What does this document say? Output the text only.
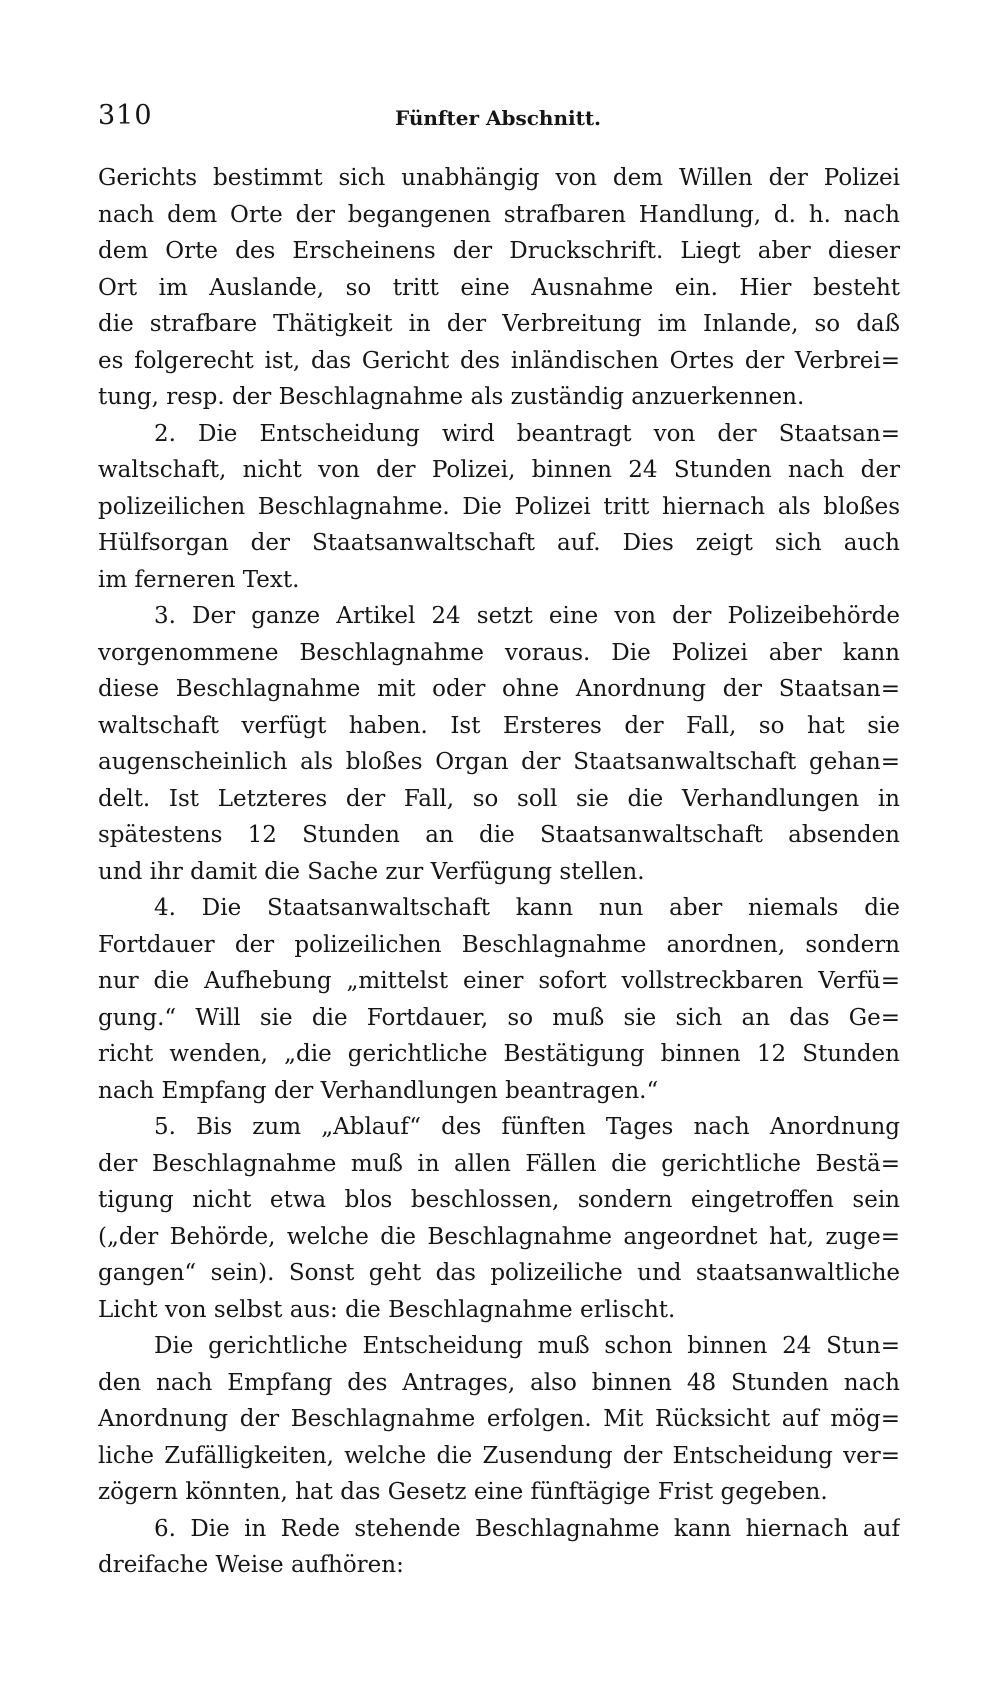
310	Fünfter Abschnitt.
Gerichts bestimmt sich unabhängig von dem Willen der Polizei
nach dem Orte der begangenen strafbaren Handlung, d. h. nach
dem Orte des Erscheinens der Druckschrift. Liegt aber dieser
Ort im Auslande, so tritt eine Ausnahme ein. Hier besteht
die strafbare Thätigkeit in der Verbreitung im Inlande, so daß
es folgerecht ist, das Gericht des inländischen Ortes der Verbrei=
tung, resp. der Beschlagnahme als zuständig anzuerkennen.
2. Die Entscheidung wird beantragt von der Staatsan=
waltschaft, nicht von der Polizei, binnen 24 Stunden nach der
polizeilichen Beschlagnahme. Die Polizei tritt hiernach als bloßes
Hülfsorgan der Staatsanwaltschaft auf. Dies zeigt sich auch
im ferneren Text.
3. Der ganze Artikel 24 setzt eine von der Polizeibehörde
vorgenommene Beschlagnahme voraus. Die Polizei aber kann
diese Beschlagnahme mit oder ohne Anordnung der Staatsan=
waltschaft verfügt haben. Ist Ersteres der Fall, so hat sie
augenscheinlich als bloßes Organ der Staatsanwaltschaft gehan=
delt. Ist Letzteres der Fall, so soll sie die Verhandlungen in
spätestens 12 Stunden an die Staatsanwaltschaft absenden
und ihr damit die Sache zur Verfügung stellen.
4. Die Staatsanwaltschaft kann nun aber niemals die
Fortdauer der polizeilichen Beschlagnahme anordnen, sondern
nur die Aufhebung „mittelst einer sofort vollstreckbaren Verfü=
gung.“ Will sie die Fortdauer, so muß sie sich an das Ge=
richt wenden, „die gerichtliche Bestätigung binnen 12 Stunden
nach Empfang der Verhandlungen beantragen.“
5. Bis zum „Ablauf“ des fünften Tages nach Anordnung
der Beschlagnahme muß in allen Fällen die gerichtliche Bestä=
tigung nicht etwa blos beschlossen, sondern eingetroffen sein
(„der Behörde, welche die Beschlagnahme angeordnet hat, zuge=
gangen“ sein). Sonst geht das polizeiliche und staatsanwaltliche
Licht von selbst aus: die Beschlagnahme erlischt.
Die gerichtliche Entscheidung muß schon binnen 24 Stun=
den nach Empfang des Antrages, also binnen 48 Stunden nach
Anordnung der Beschlagnahme erfolgen. Mit Rücksicht auf mög=
liche Zufälligkeiten, welche die Zusendung der Entscheidung ver=
zögern könnten, hat das Gesetz eine fünftägige Frist gegeben.
6. Die in Rede stehende Beschlagnahme kann hiernach auf
dreifache Weise aufhören:
